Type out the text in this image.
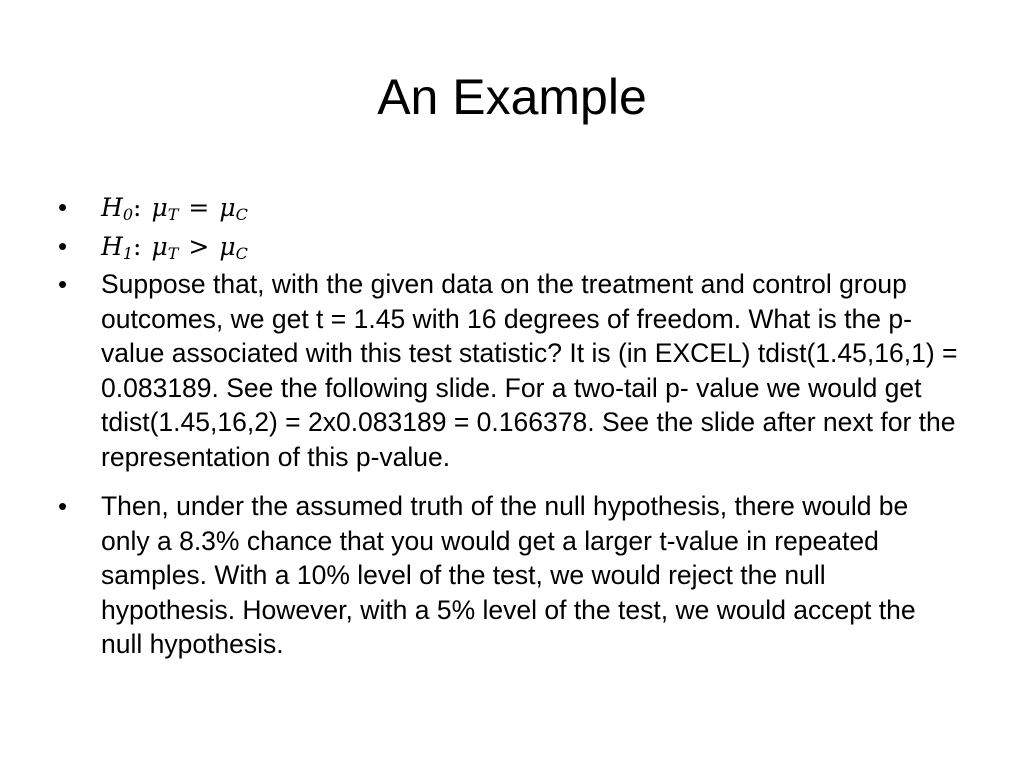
An Example
• $H_0$: $\mu_T = \mu_C$
• $H_1$: $\mu_T > \mu_C$
• Suppose that, with the given data on the treatment and control group outcomes, we get t = 1.45 with 16 degrees of freedom. What is the p-value associated with this test statistic? It is (in EXCEL) tdist(1.45,16,1) = 0.083189. See the following slide. For a two-tail p- value we would get tdist(1.45,16,2) = 2x0.083189 = 0.166378. See the slide after next for the representation of this p-value.
• Then, under the assumed truth of the null hypothesis, there would be only a 8.3% chance that you would get a larger t-value in repeated samples. With a 10% level of the test, we would reject the null hypothesis. However, with a 5% level of the test, we would accept the null hypothesis.
